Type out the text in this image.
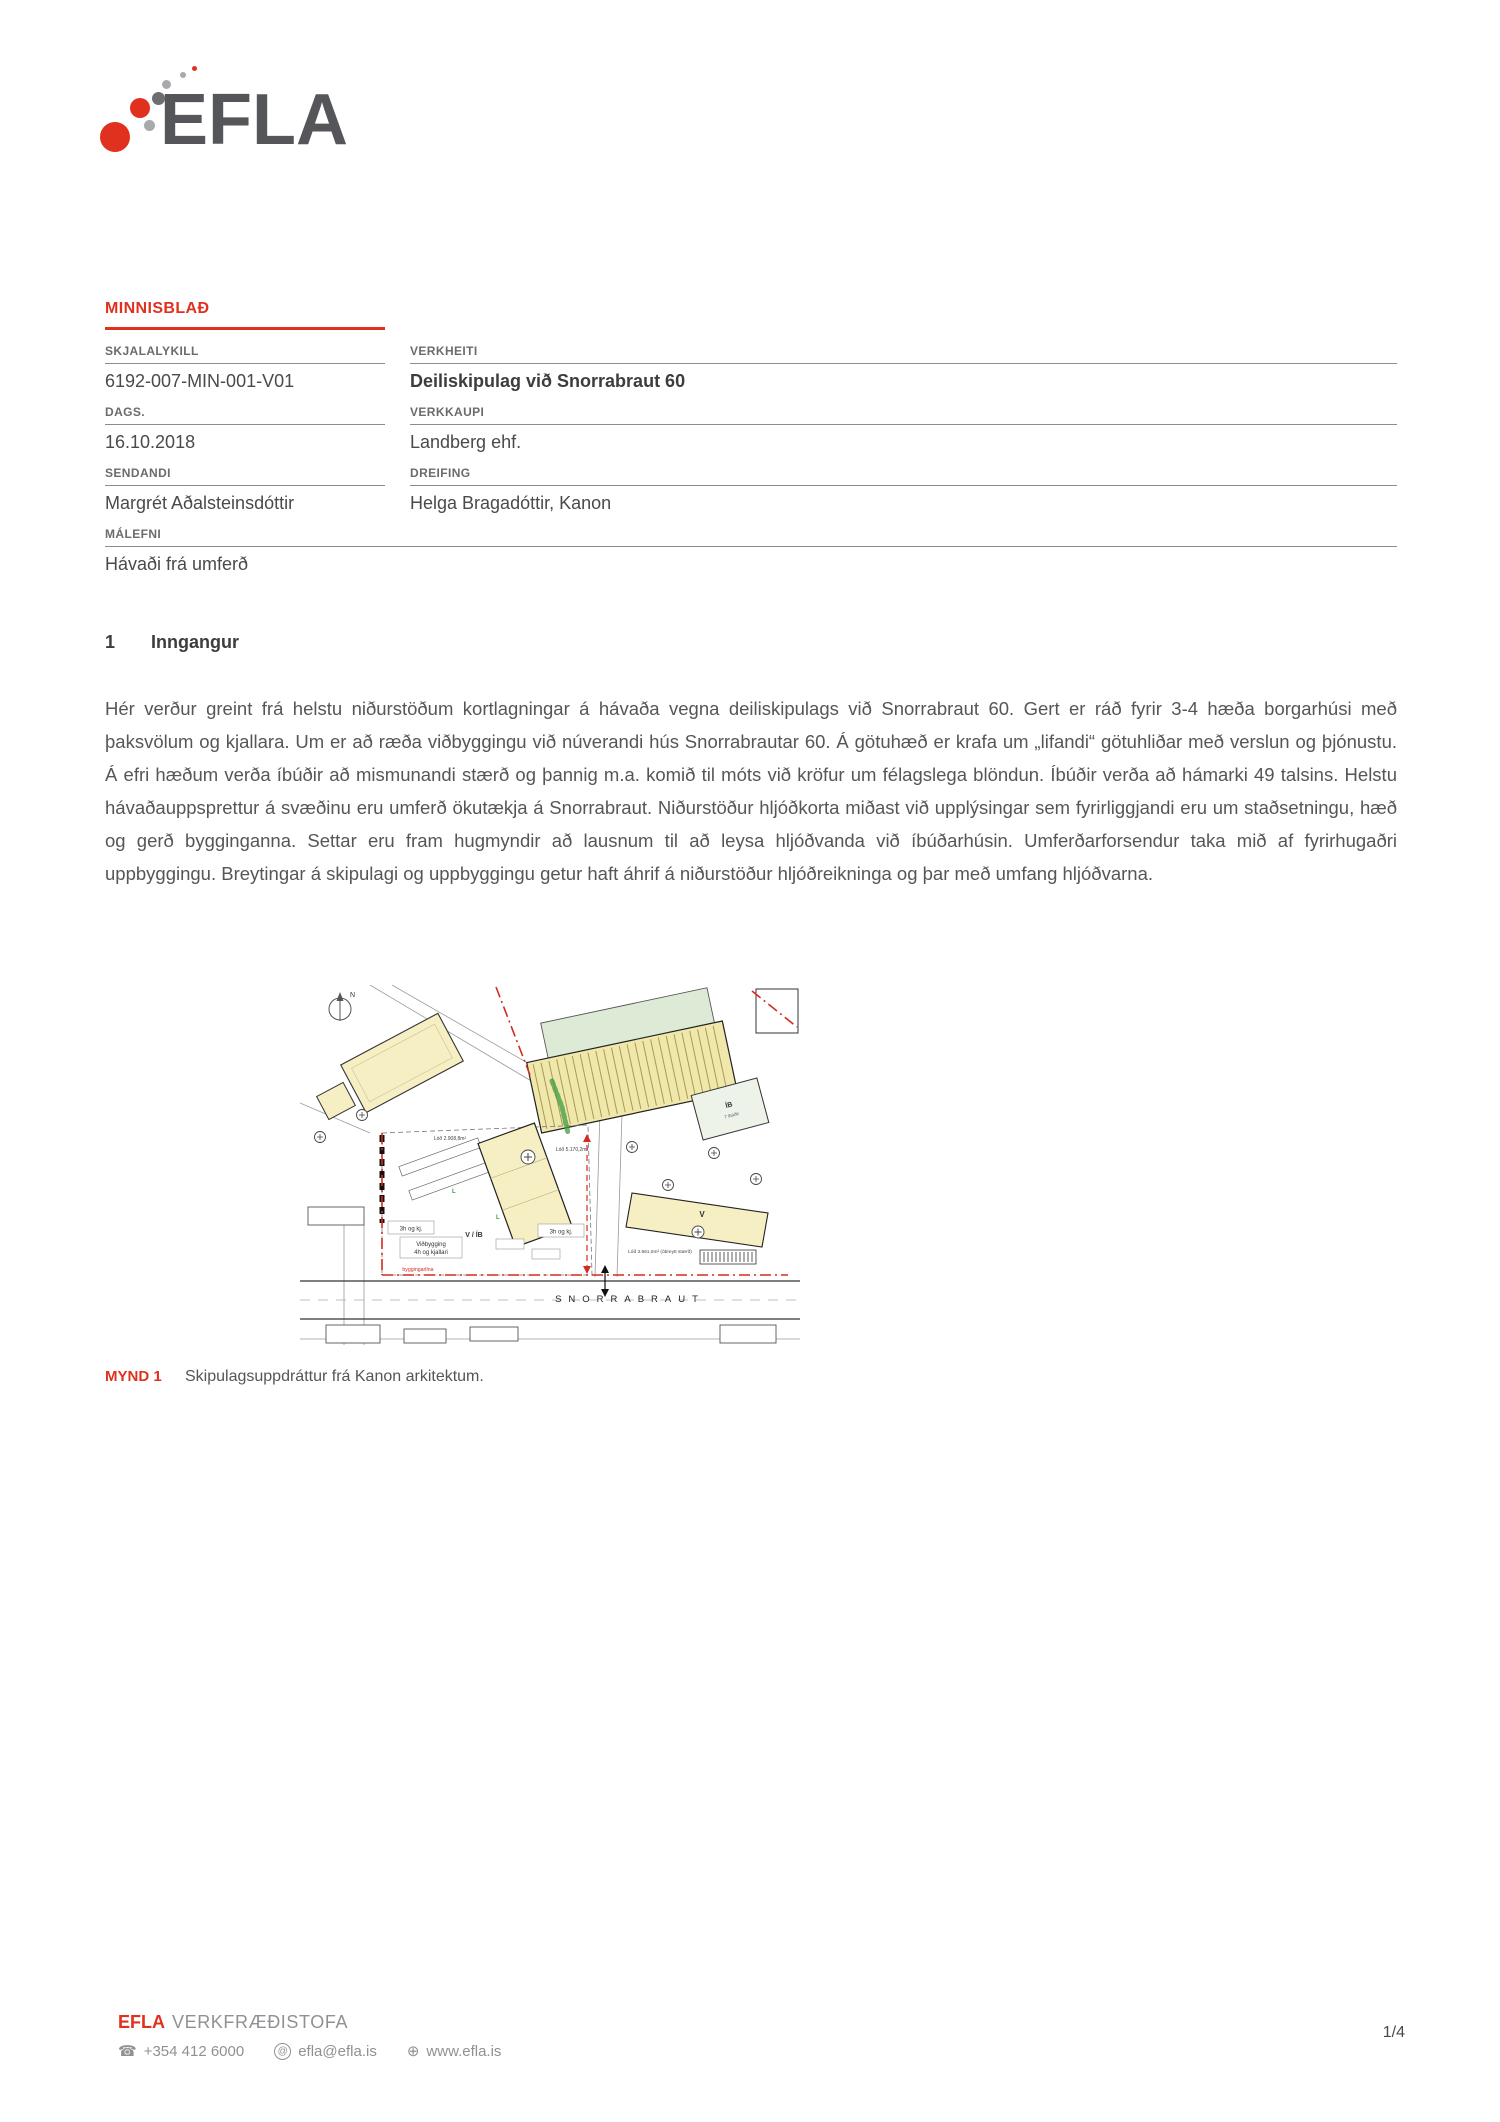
EFLA
MINNISBLAÐ
SKJALALYKILL
6192-007-MIN-001-V01
VERKHEITI
Deiliskipulag við Snorrabraut 60
DAGS.
16.10.2018
VERKKAUPI
Landberg ehf.
SENDANDI
Margrét Aðalsteinsdóttir
DREIFING
Helga Bragadóttir, Kanon
MÁLEFNI
Hávaði frá umferð
1	Inngangur
Hér verður greint frá helstu niðurstöðum kortlagningar á hávaða vegna deiliskipulags við Snorrabraut 60. Gert er ráð fyrir 3-4 hæða borgarhúsi með þaksvölum og kjallara. Um er að ræða viðbyggingu við núverandi hús Snorrabrautar 60. Á götuhæð er krafa um „lifandi“ götuhliðar með verslun og þjónustu. Á efri hæðum verða íbúðir að mismunandi stærð og þannig m.a. komið til móts við kröfur um félagslega blöndun. Íbúðir verða að hámarki 49 talsins. Helstu hávaðauppsprettur á svæðinu eru umferð ökutækja á Snorrabraut. Niðurstöður hljóðkorta miðast við upplýsingar sem fyrirliggjandi eru um staðsetningu, hæð og gerð bygginganna. Settar eru fram hugmyndir að lausnum til að leysa hljóðvanda við íbúðarhúsin. Umferðarforsendur taka mið af fyrirhugaðri uppbyggingu. Breytingar á skipulagi og uppbyggingu getur haft áhrif á niðurstöður hljóðreikninga og þar með umfang hljóðvarna.
ÍB
7 íbúðir
V
L
L
N
3h og kj.	3h og kj.
V / ÍB
Viðbygging
4h og kjallari
byggingarlína
Lóð 5.170,2m²
Lóð 2.908,8m²
Lóð 3.561,0m² (óbreytt stærð)
SNORRABRAUT
MYND 1	Skipulagsuppdráttur frá Kanon arkitektum.
EFLA VERKFRÆÐISTOFA
☎ +354 412 6000	@ efla@efla.is ⊕ www.efla.is
1/4
